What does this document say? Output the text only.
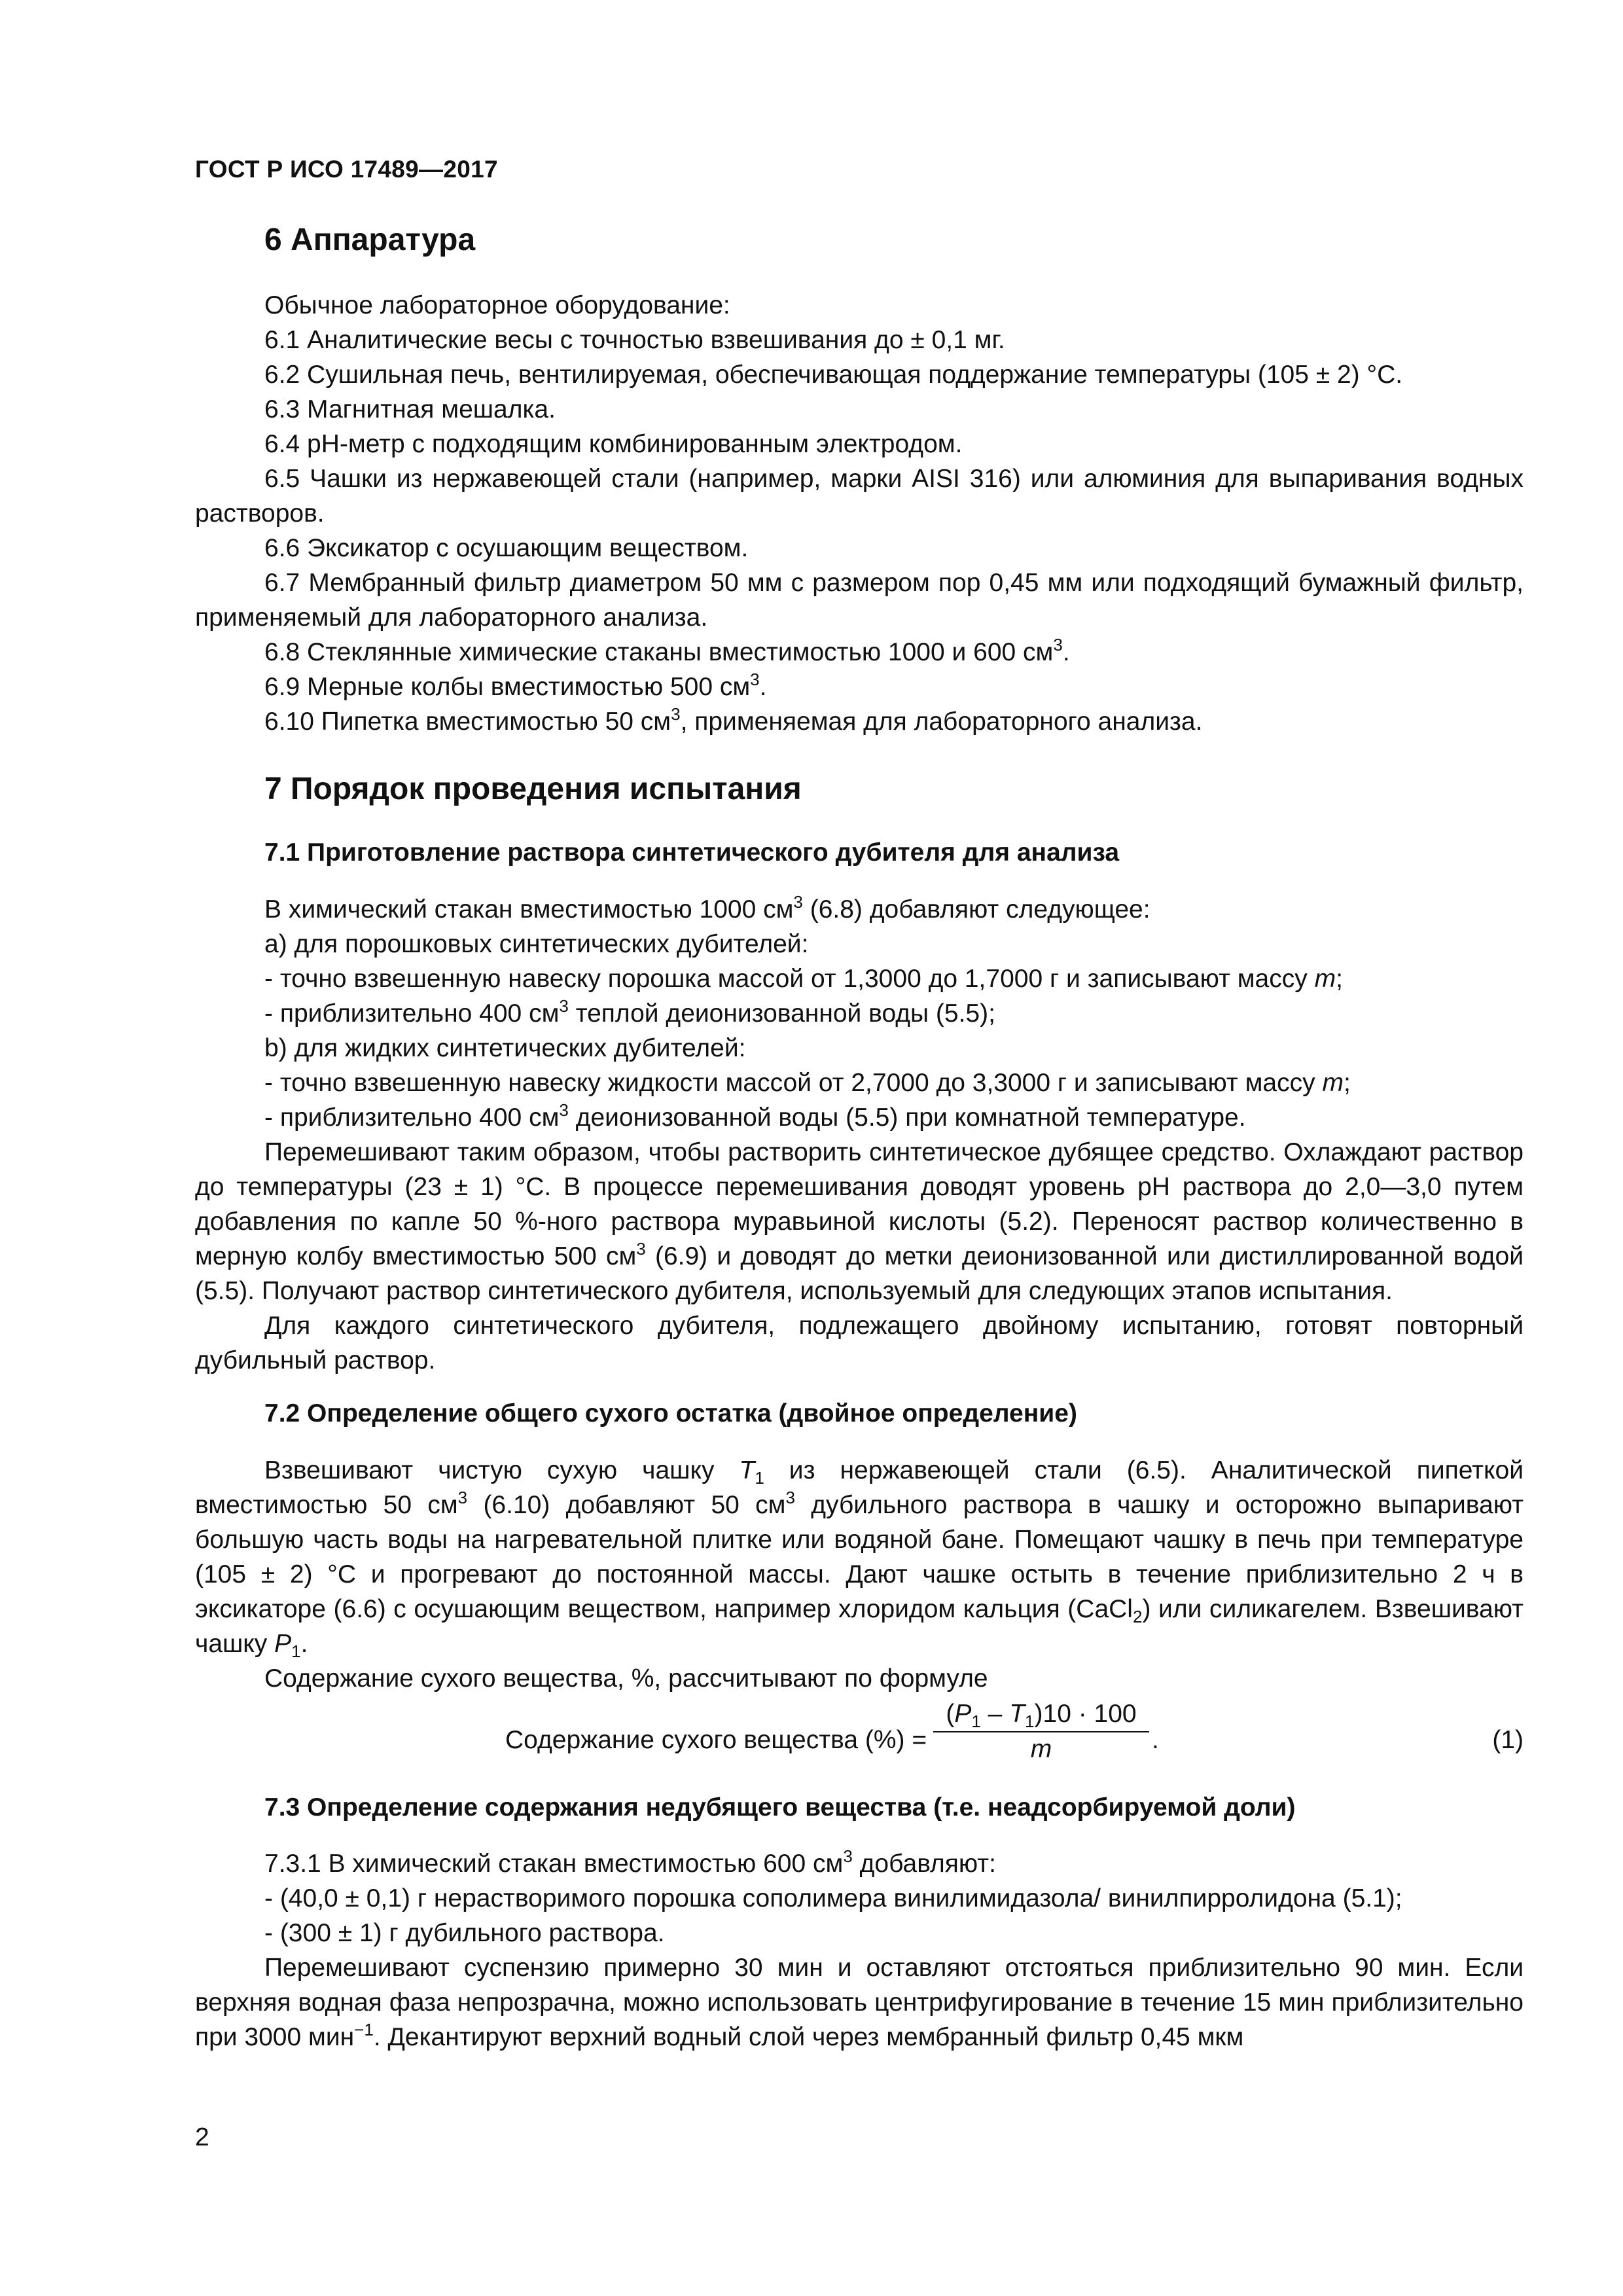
ГОСТ Р ИСО 17489—2017
6 Аппаратура

Обычное лабораторное оборудование:

6.1 Аналитические весы с точностью взвешивания до ± 0,1 мг.

6.2 Сушильная печь, вентилируемая, обеспечивающая поддержание температуры (105 ± 2) °С.

6.3 Магнитная мешалка.

6.4 pH-метр с подходящим комбинированным электродом.

6.5 Чашки из нержавеющей стали (например, марки AISI 316) или алюминия для выпаривания водных растворов.

6.6 Эксикатор с осушающим веществом.

6.7 Мембранный фильтр диаметром 50 мм с размером пор 0,45 мм или подходящий бумажный фильтр, применяемый для лабораторного анализа.

6.8 Стеклянные химические стаканы вместимостью 1000 и 600 $см^3$.

6.9 Мерные колбы вместимостью 500 $см^3$.

6.10 Пипетка вместимостью 50 $см^3$, применяемая для лабораторного анализа.

7 Порядок проведения испытания
7.1 Приготовление раствора синтетического дубителя для анализа

В химический стакан вместимостью 1000 $см^3$ (6.8) добавляют следующее:

а) для порошковых синтетических дубителей:

- точно взвешенную навеску порошка массой от 1,3000 до 1,7000 г и записывают массу m;

- приблизительно 400 $см^3$ теплой деионизованной воды (5.5);

b) для жидких синтетических дубителей:

- точно взвешенную навеску жидкости массой от 2,7000 до 3,3000 г и записывают массу m;

- приблизительно 400 $см^3$ деионизованной воды (5.5) при комнатной температуре.

Перемешивают таким образом, чтобы растворить синтетическое дубящее средство. Охлаждают раствор до температуры (23 ± 1) °С. В процессе перемешивания доводят уровень pH раствора до 2,0—3,0 путем добавления по капле 50 %-ного раствора муравьиной кислоты (5.2). Переносят раствор количественно в мерную колбу вместимостью 500 $см^3$ (6.9) и доводят до метки деионизованной или дистиллированной водой (5.5). Получают раствор синтетического дубителя, используемый для следующих этапов испытания.

Для каждого синтетического дубителя, подлежащего двойному испытанию, готовят повторный дубильный раствор.

7.2 Определение общего сухого остатка (двойное определение)

Взвешивают чистую сухую чашку $T_1$ из нержавеющей стали (6.5). Аналитической пипеткой вместимостью 50 $см^3$ (6.10) добавляют 50 $см^3$ дубильного раствора в чашку и осторожно выпаривают большую часть воды на нагревательной плитке или водяной бане. Помещают чашку в печь при температуре (105 ± 2) °С и прогревают до постоянной массы. Дают чашке остыть в течение приблизительно 2 ч в эксикаторе (6.6) с осушающим веществом, например хлоридом кальция (CaCl$_2$) или силикагелем. Взвешивают чашку $P_1$.

Содержание сухого вещества, %, рассчитывают по формуле

Содержание сухого вещества (%) = $\frac{(P_1 - T_1)10 \cdot 100}{m}$ .	(1)
7.3 Определение содержания недубящего вещества (т.е. неадсорбируемой доли)

7.3.1 В химический стакан вместимостью 600 $см^3$ добавляют:

- (40,0 ± 0,1) г нерастворимого порошка сополимера винилимидазола/ винилпирролидона (5.1);

- (300 ± 1) г дубильного раствора.

Перемешивают суспензию примерно 30 мин и оставляют отстояться приблизительно 90 мин. Если верхняя водная фаза непрозрачна, можно использовать центрифугирование в течение 15 мин приблизительно при 3000 мин$^{-1}$. Декантируют верхний водный слой через мембранный фильтр 0,45 мкм

2
